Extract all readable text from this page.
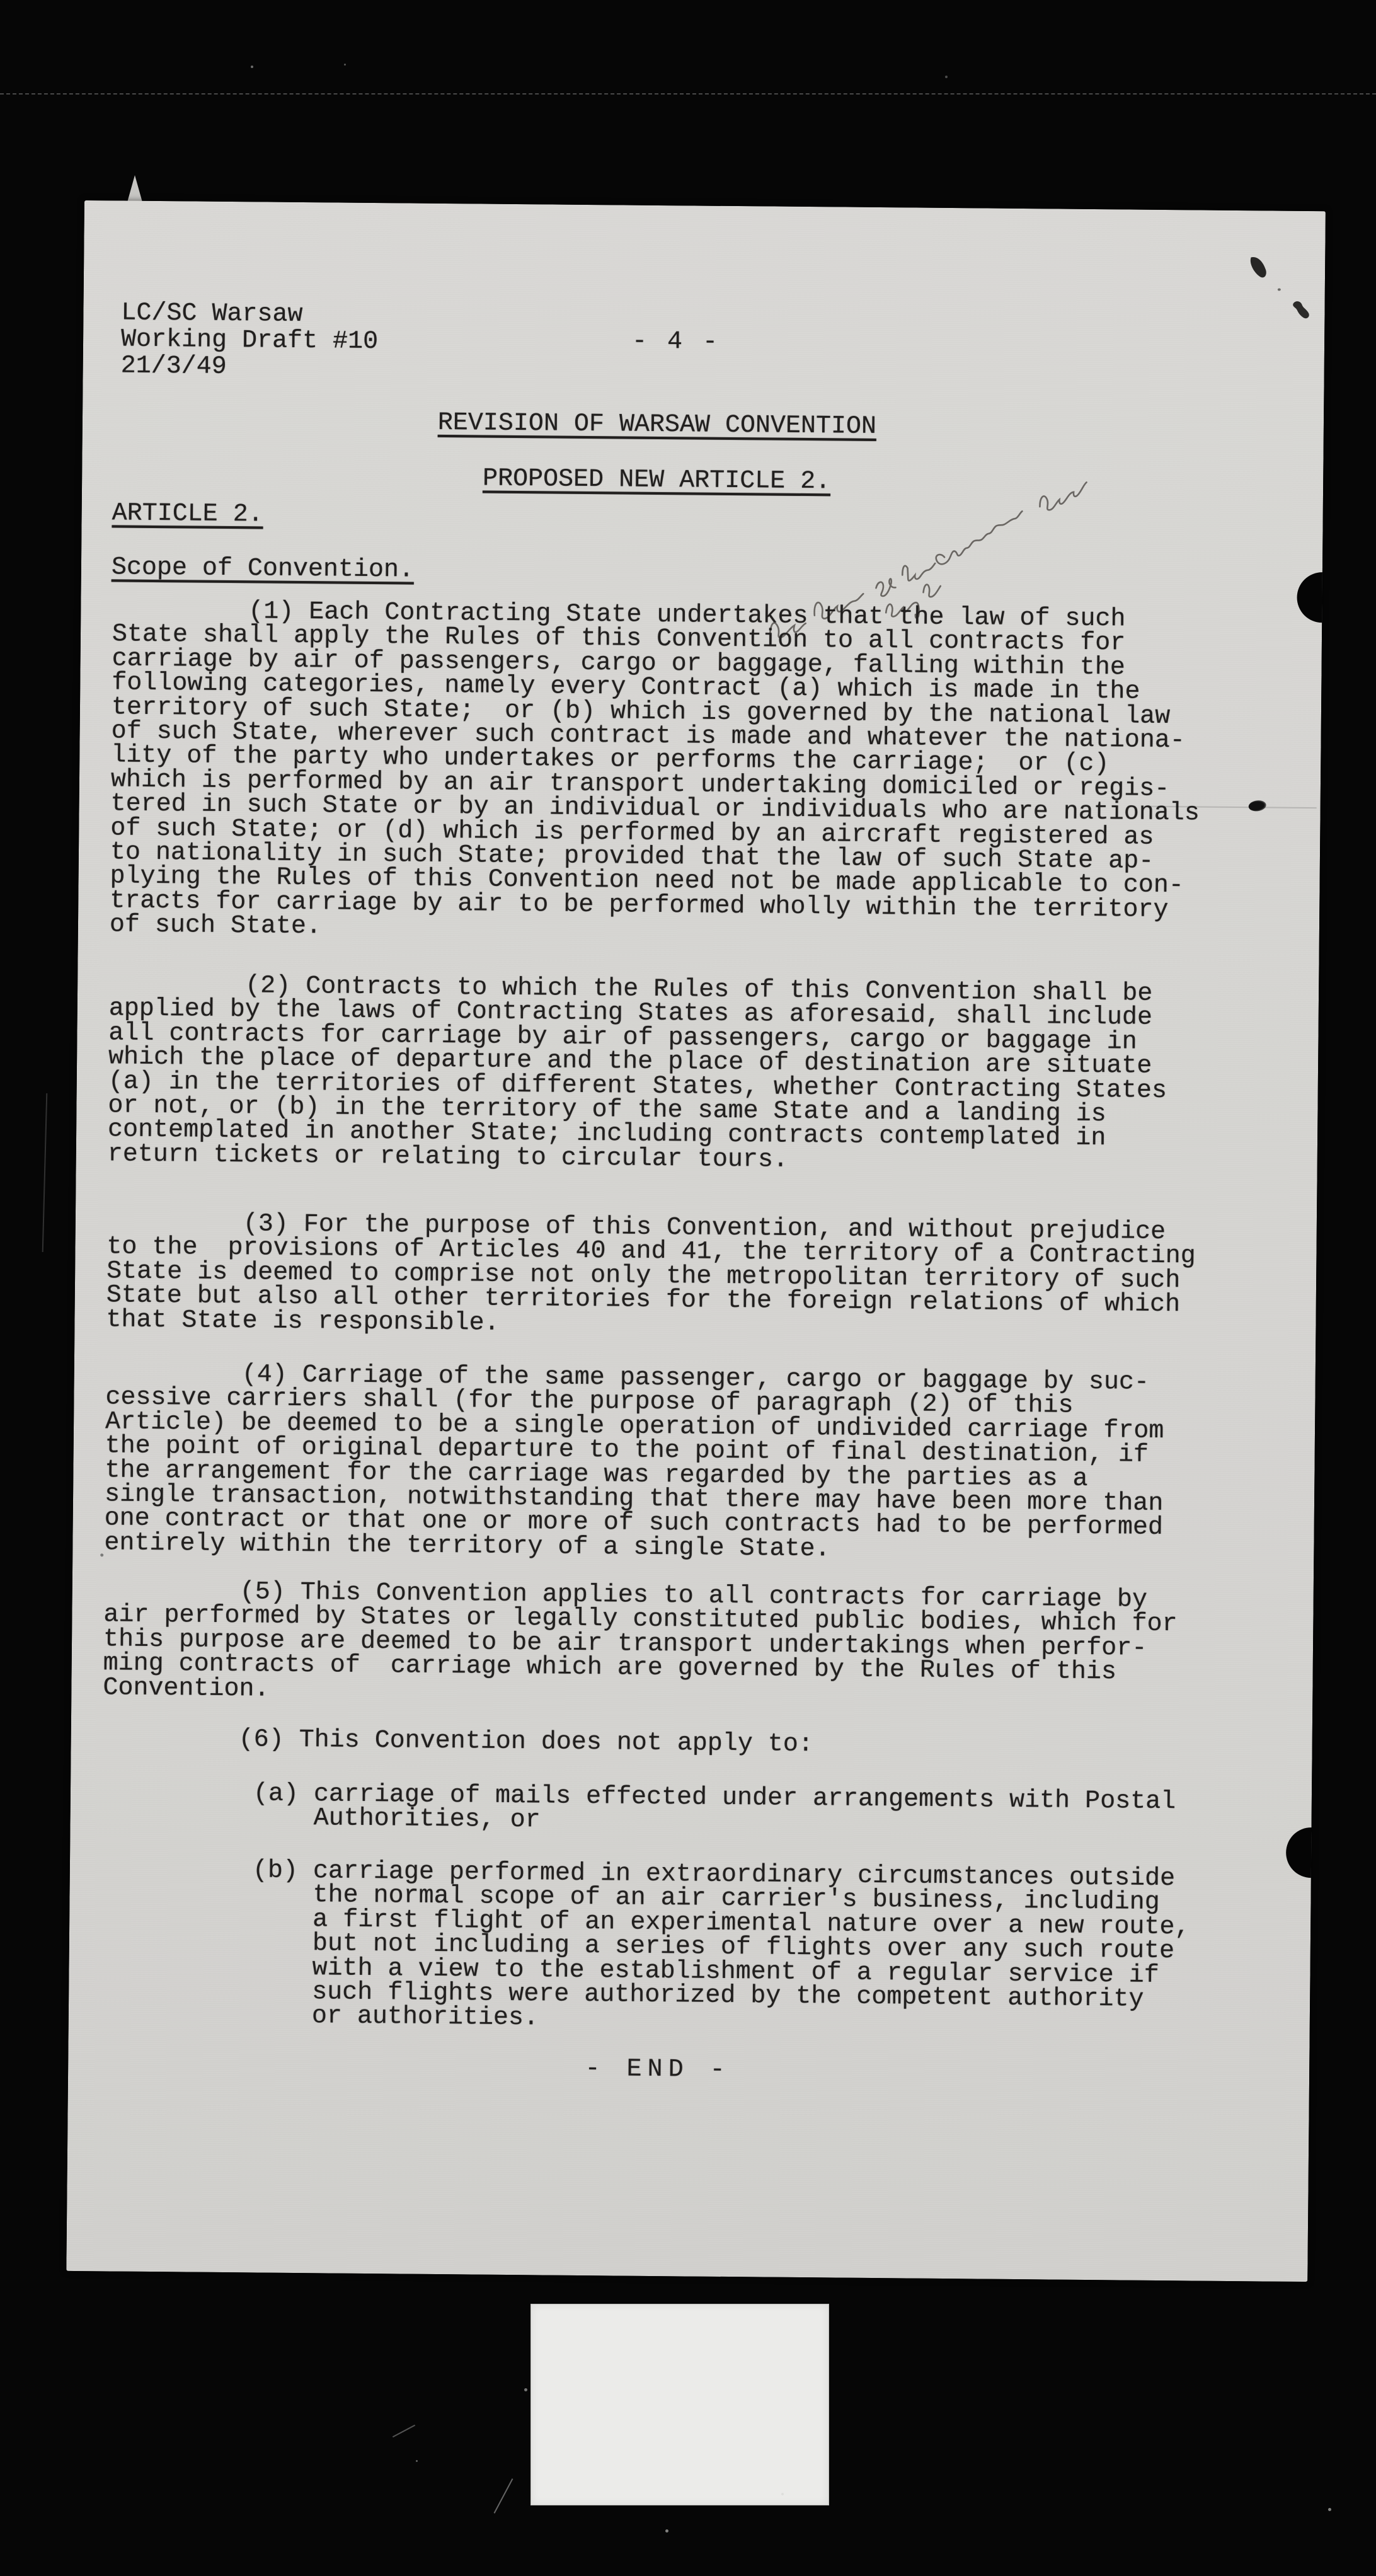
LC/SC Warsaw
Working Draft #10
21/3/49
- 4 -
REVISION OF WARSAW CONVENTION
PROPOSED NEW ARTICLE 2.
ARTICLE 2.
Scope of Convention.
(1) Each Contracting State undertakes that the law of such
State shall apply the Rules of this Convention to all contracts for
carriage by air of passengers, cargo or baggage, falling within the
following categories, namely every Contract (a) which is made in the
territory of such State;  or (b) which is governed by the national law
of such State, wherever such contract is made and whatever the nationa-
lity of the party who undertakes or performs the carriage;  or (c)
which is performed by an air transport undertaking domiciled or regis-
tered in such State or by an individual or individuals who are nationals
of such State; or (d) which is performed by an aircraft registered as
to nationality in such State; provided that the law of such State ap-
plying the Rules of this Convention need not be made applicable to con-
tracts for carriage by air to be performed wholly within the territory
of such State.
(2) Contracts to which the Rules of this Convention shall be
applied by the laws of Contracting States as aforesaid, shall include
all contracts for carriage by air of passengers, cargo or baggage in
which the place of departure and the place of destination are situate
(a) in the territories of different States, whether Contracting States
or not, or (b) in the territory of the same State and a landing is
contemplated in another State; including contracts contemplated in
return tickets or relating to circular tours.
(3) For the purpose of this Convention, and without prejudice
to the  provisions of Articles 40 and 41, the territory of a Contracting
State is deemed to comprise not only the metropolitan territory of such
State but also all other territories for the foreign relations of which
that State is responsible.
(4) Carriage of the same passenger, cargo or baggage by suc-
cessive carriers shall (for the purpose of paragraph (2) of this
Article) be deemed to be a single operation of undivided carriage from
the point of original departure to the point of final destination, if
the arrangement for the carriage was regarded by the parties as a
single transaction, notwithstanding that there may have been more than
one contract or that one or more of such contracts had to be performed
entirely within the territory of a single State.
(5) This Convention applies to all contracts for carriage by
air performed by States or legally constituted public bodies, which for
this purpose are deemed to be air transport undertakings when perfor-
ming contracts of  carriage which are governed by the Rules of this
Convention.
(6) This Convention does not apply to:
(a) carriage of mails effected under arrangements with Postal
Authorities, or
(b) carriage performed in extraordinary circumstances outside
the normal scope of an air carrier's business, including
a first flight of an experimental nature over a new route,
but not including a series of flights over any such route
with a view to the establishment of a regular service if
such flights were authorized by the competent authority
or authorities.
- END -
